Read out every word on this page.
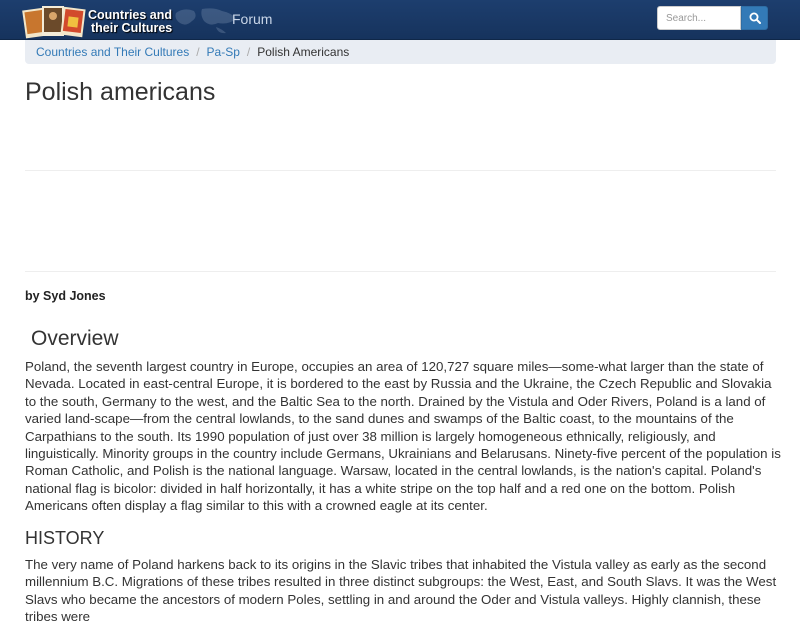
Countries and
their Cultures
Forum
Search...
Countries and Their Cultures / Pa-Sp / Polish Americans
Polish americans
by Syd Jones
Overview

Poland, the seventh largest country in Europe, occupies an area of 120,727 square miles—some-what larger than the state of Nevada. Located in east-central Europe, it is bordered to the east by Russia and the Ukraine, the Czech Republic and Slovakia to the south, Germany to the west, and the Baltic Sea to the north. Drained by the Vistula and Oder Rivers, Poland is a land of varied land-scape—from the central lowlands, to the sand dunes and swamps of the Baltic coast, to the mountains of the Carpathians to the south. Its 1990 population of just over 38 million is largely homogeneous ethnically, religiously, and linguistically. Minority groups in the country include Germans, Ukrainians and Belarusans. Ninety-five percent of the population is Roman Catholic, and Polish is the national language. Warsaw, located in the central lowlands, is the nation's capital. Poland's national flag is bicolor: divided in half horizontally, it has a white stripe on the top half and a red one on the bottom. Polish Americans often display a flag similar to this with a crowned eagle at its center.

HISTORY

The very name of Poland harkens back to its origins in the Slavic tribes that inhabited the Vistula valley as early as the second millennium B.C. Migrations of these tribes resulted in three distinct subgroups: the West, East, and South Slavs. It was the West Slavs who became the ancestors of modern Poles, settling in and around the Oder and Vistula valleys. Highly clannish, these tribes were
